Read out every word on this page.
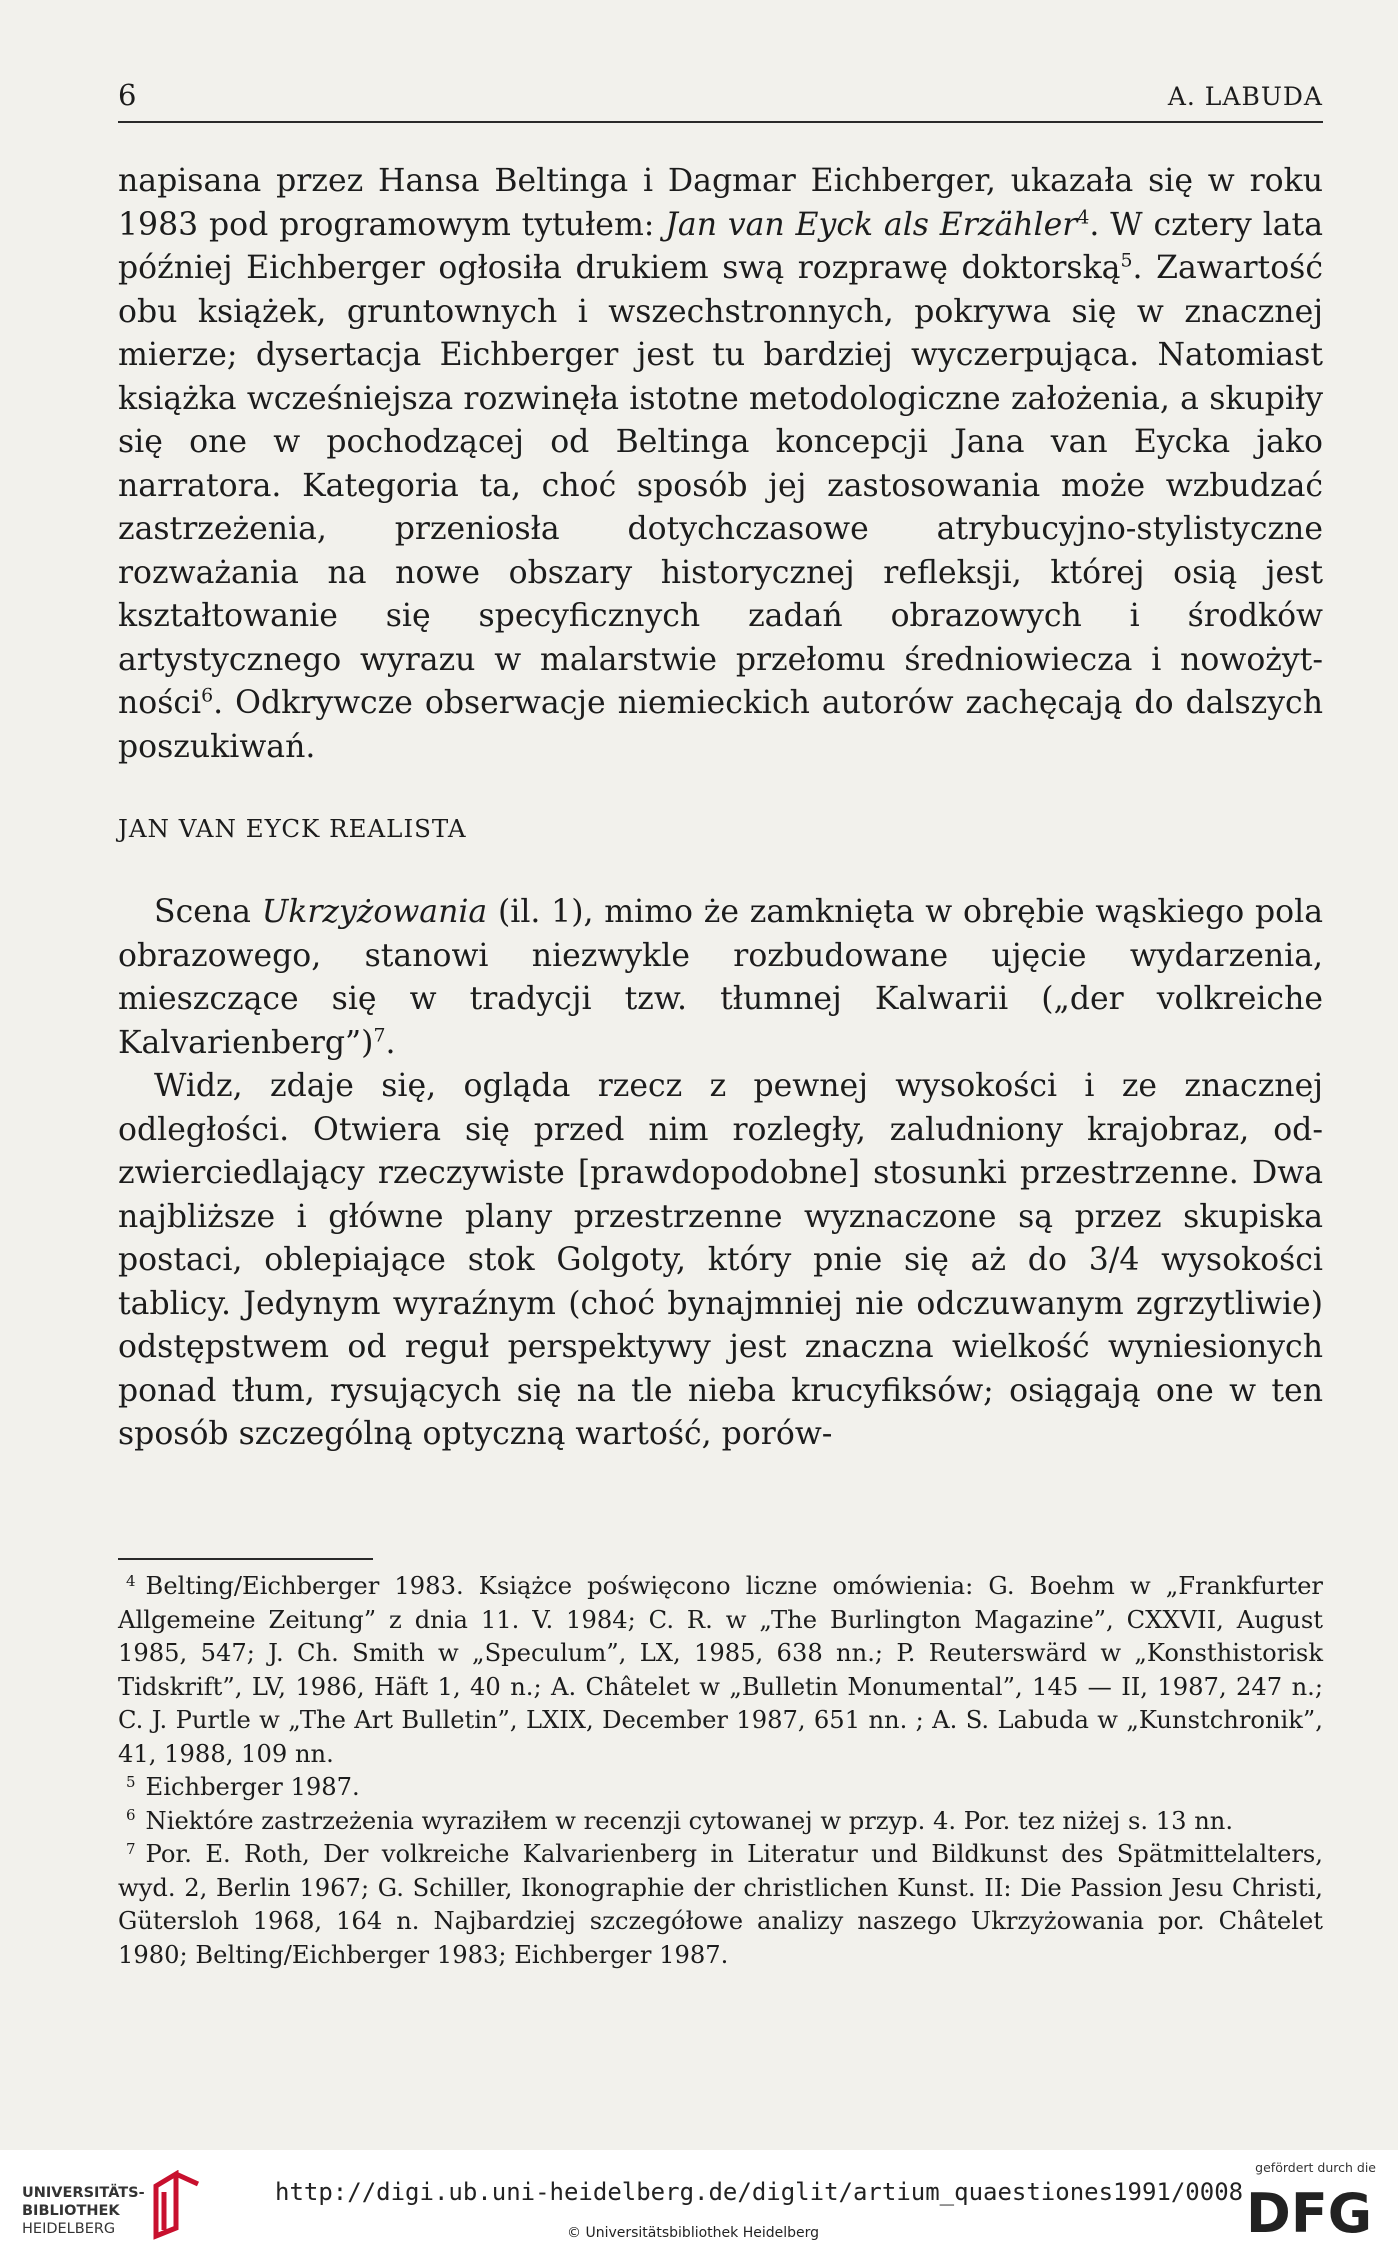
6	A. LABUDA

napisana przez Hansa Beltinga i Dagmar Eichberger, ukazała się w roku 1983 pod programowym tytułem: Jan van Eyck als Erzähler$^4$. W cztery lata później Eichberger ogłosiła drukiem swą rozprawę doktorską$^5$. Zawartość obu książek, gruntownych i wszechstronnych, pokrywa się w znacznej mierze; dysertacja Eichberger jest tu bardziej wyczerpująca. Natomiast książka wcześniejsza rozwinęła istotne metodologiczne założenia, a skupiły się one w pochodzącej od Beltinga koncepcji Jana van Eycka jako narratora. Kategoria ta, choć sposób jej zastosowania może wzbudzać zastrzeżenia, przeniosła dotychczasowe atrybucyjno-stylistyczne rozważania na nowe obszary historycznej refleksji, której osią jest kształtowanie się specyficznych zadań obrazowych i środków artystycznego wyrazu w malarstwie przełomu średniowiecza i nowożytności$^6$. Odkrywcze obserwacje niemieckich autorów zachęcają do dalszych poszukiwań.

JAN VAN EYCK REALISTA

Scena Ukrzyżowania (il. 1), mimo że zamknięta w obrębie wąskiego pola obrazowego, stanowi niezwykle rozbudowane ujęcie wydarzenia, mieszczące się w tradycji tzw. tłumnej Kalwarii („der volkreiche Kalvarienberg”)$^7$.

Widz, zdaje się, ogląda rzecz z pewnej wysokości i ze znacznej odległości. Otwiera się przed nim rozległy, zaludniony krajobraz, odzwierciedlający rzeczywiste [prawdopodobne] stosunki przestrzenne. Dwa najbliższe i główne plany przestrzenne wyznaczone są przez skupiska postaci, oblepiające stok Golgoty, który pnie się aż do 3/4 wysokości tablicy. Jedynym wyraźnym (choć bynajmniej nie odczuwanym zgrzytliwie) odstępstwem od reguł perspektywy jest znaczna wielkość wyniesionych ponad tłum, rysujących się na tle nieba krucyfiksów; osiągają one w ten sposób szczególną optyczną wartość, porów-

$^4$ Belting/Eichberger 1983. Książce poświęcono liczne omówienia: G. Boehm w „Frankfurter Allgemeine Zeitung” z dnia 11. V. 1984; C. R. w „The Burlington Magazine”, CXXVII, August 1985, 547; J. Ch. Smith w „Speculum”, LX, 1985, 638 nn.; P. Reuterswärd w „Konsthistorisk Tidskrift”, LV, 1986, Häft 1, 40 n.; A. Châtelet w „Bulletin Monumental”, 145 — II, 1987, 247 n.; C. J. Purtle w „The Art Bulletin”, LXIX, December 1987, 651 nn. ; A. S. Labuda w „Kunstchronik”, 41, 1988, 109 nn.

$^5$ Eichberger 1987.

$^6$ Niektóre zastrzeżenia wyraziłem w recenzji cytowanej w przyp. 4. Por. tez niżej s. 13 nn.

$^7$ Por. E. Roth, Der volkreiche Kalvarienberg in Literatur und Bildkunst des Spätmittelalters, wyd. 2, Berlin 1967; G. Schiller, Ikonographie der christlichen Kunst. II: Die Passion Jesu Christi, Gütersloh 1968, 164 n. Najbardziej szczegółowe analizy naszego Ukrzyżowania por. Châtelet 1980; Belting/Eichberger 1983; Eichberger 1987.

UNIVERSITÄTS-
BIBLIOTHEK
HEIDELBERG
http://digi.ub.uni-heidelberg.de/diglit/artium_quaestiones1991/0008
© Universitätsbibliothek Heidelberg
gefördert durch die
DFG
